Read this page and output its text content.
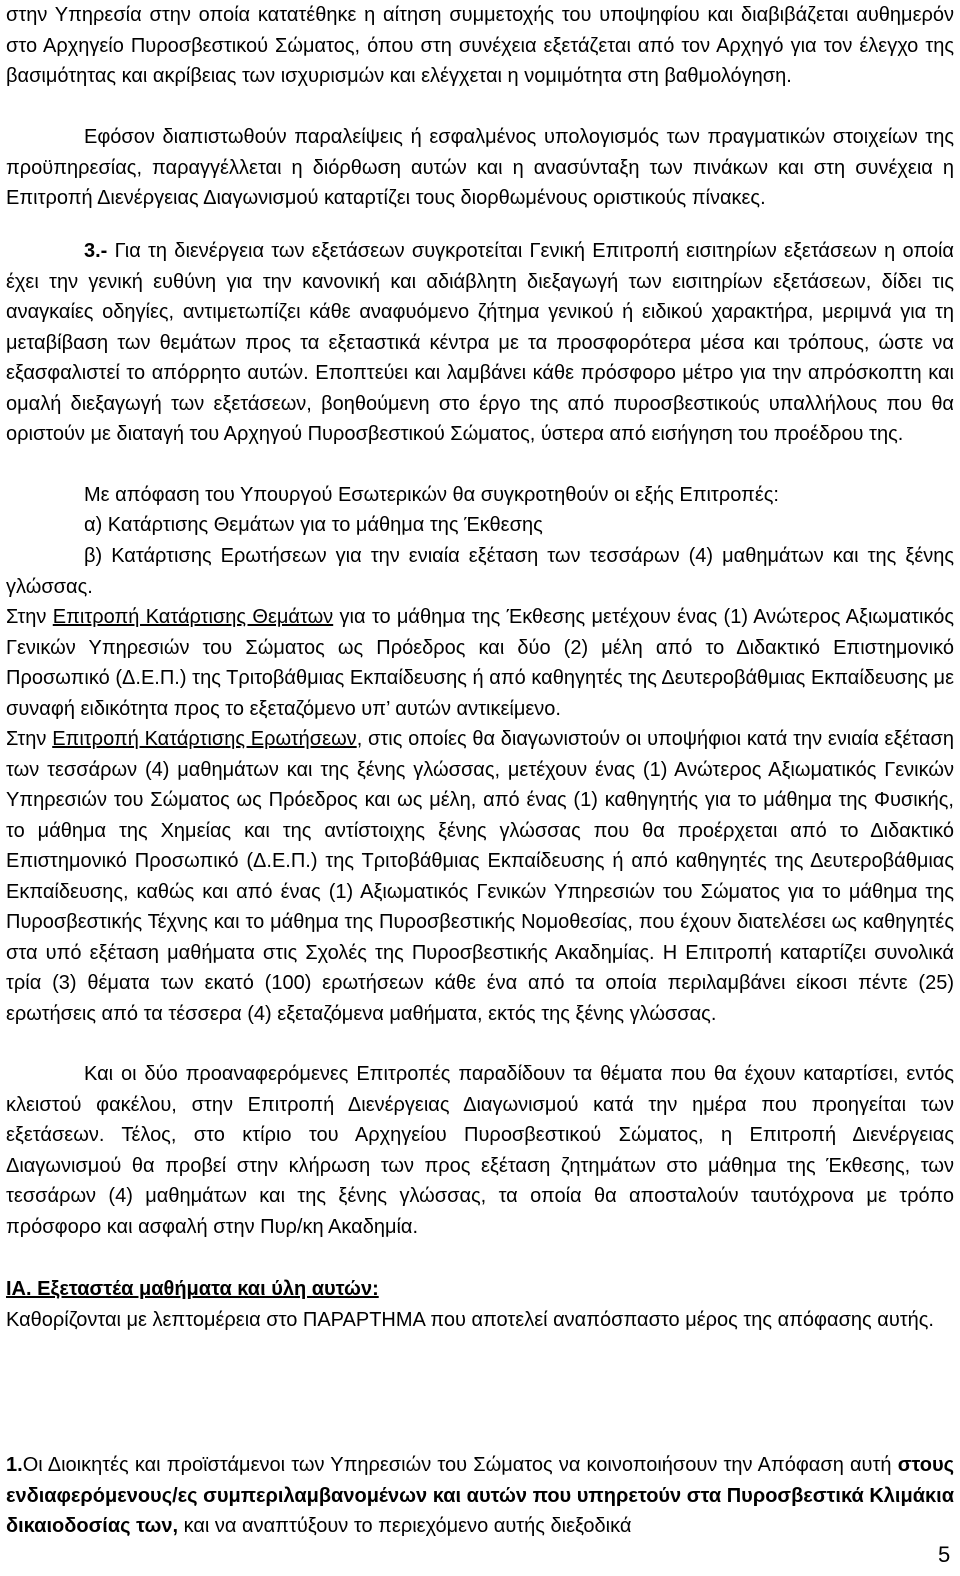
στην Υπηρεσία στην οποία κατατέθηκε η αίτηση συμμετοχής του υποψηφίου και διαβιβάζεται αυθημερόν στο Αρχηγείο Πυροσβεστικού Σώματος, όπου στη συνέχεια εξετάζεται από τον Αρχηγό για τον έλεγχο της βασιμότητας και ακρίβειας των ισχυρισμών και ελέγχεται η νομιμότητα στη βαθμολόγηση.

Εφόσον διαπιστωθούν παραλείψεις ή εσφαλμένος υπολογισμός των πραγματικών στοιχείων της προϋπηρεσίας, παραγγέλλεται η διόρθωση αυτών και η ανασύνταξη των πινάκων και στη συνέχεια η Επιτροπή Διενέργειας Διαγωνισμού καταρτίζει τους διορθωμένους οριστικούς πίνακες.

3.- Για τη διενέργεια των εξετάσεων συγκροτείται Γενική Επιτροπή εισιτηρίων εξετάσεων η οποία έχει την γενική ευθύνη για την κανονική και αδιάβλητη διεξαγωγή των εισιτηρίων εξετάσεων, δίδει τις αναγκαίες οδηγίες, αντιμετωπίζει κάθε αναφυόμενο ζήτημα γενικού ή ειδικού χαρακτήρα, μεριμνά για τη μεταβίβαση των θεμάτων προς τα εξεταστικά κέντρα με τα προσφορότερα μέσα και τρόπους, ώστε να εξασφαλιστεί το απόρρητο αυτών. Εποπτεύει και λαμβάνει κάθε πρόσφορο μέτρο για την απρόσκοπτη και ομαλή διεξαγωγή των εξετάσεων, βοηθούμενη στο έργο της από πυροσβεστικούς υπαλλήλους που θα οριστούν με διαταγή του Αρχηγού Πυροσβεστικού Σώματος, ύστερα από εισήγηση του προέδρου της.

Με απόφαση του Υπουργού Εσωτερικών θα συγκροτηθούν οι εξής Επιτροπές:

α) Κατάρτισης Θεμάτων για το μάθημα της Έκθεσης

β) Κατάρτισης Ερωτήσεων για την ενιαία εξέταση των τεσσάρων (4) μαθημάτων και της ξένης γλώσσας.

Στην Επιτροπή Κατάρτισης Θεμάτων για το μάθημα της Έκθεσης μετέχουν ένας (1) Ανώτερος Αξιωματικός Γενικών Υπηρεσιών του Σώματος ως Πρόεδρος και δύο (2) μέλη από το Διδακτικό Επιστημονικό Προσωπικό (Δ.Ε.Π.) της Τριτοβάθμιας Εκπαίδευσης ή από καθηγητές της Δευτεροβάθμιας Εκπαίδευσης με συναφή ειδικότητα προς το εξεταζόμενο υπ’ αυτών αντικείμενο.

Στην Επιτροπή Κατάρτισης Ερωτήσεων, στις οποίες θα διαγωνιστούν οι υποψήφιοι κατά την ενιαία εξέταση των τεσσάρων (4) μαθημάτων και της ξένης γλώσσας, μετέχουν ένας (1) Ανώτερος Αξιωματικός Γενικών Υπηρεσιών του Σώματος ως Πρόεδρος και ως μέλη, από ένας (1) καθηγητής για το μάθημα της Φυσικής, το μάθημα της Χημείας και της αντίστοιχης ξένης γλώσσας που θα προέρχεται από το Διδακτικό Επιστημονικό Προσωπικό (Δ.Ε.Π.) της Τριτοβάθμιας Εκπαίδευσης ή από καθηγητές της Δευτεροβάθμιας Εκπαίδευσης, καθώς και από ένας (1) Αξιωματικός Γενικών Υπηρεσιών του Σώματος για το μάθημα της Πυροσβεστικής Τέχνης και το μάθημα της Πυροσβεστικής Νομοθεσίας, που έχουν διατελέσει ως καθηγητές στα υπό εξέταση μαθήματα στις Σχολές της Πυροσβεστικής Ακαδημίας. Η Επιτροπή καταρτίζει συνολικά τρία (3) θέματα των εκατό (100) ερωτήσεων κάθε ένα από τα οποία περιλαμβάνει είκοσι πέντε (25) ερωτήσεις από τα τέσσερα (4) εξεταζόμενα μαθήματα, εκτός της ξένης γλώσσας.

Και οι δύο προαναφερόμενες Επιτροπές παραδίδουν τα θέματα που θα έχουν καταρτίσει, εντός κλειστού φακέλου, στην Επιτροπή Διενέργειας Διαγωνισμού κατά την ημέρα που προηγείται των εξετάσεων. Τέλος, στο κτίριο του Αρχηγείου Πυροσβεστικού Σώματος, η Επιτροπή Διενέργειας Διαγωνισμού θα προβεί στην κλήρωση των προς εξέταση ζητημάτων στο μάθημα της Έκθεσης, των τεσσάρων (4) μαθημάτων και της ξένης γλώσσας, τα οποία θα αποσταλούν ταυτόχρονα με τρόπο πρόσφορο και ασφαλή στην Πυρ/κη Ακαδημία.

ΙΑ. Εξεταστέα μαθήματα και ύλη αυτών:

Καθορίζονται με λεπτομέρεια στο ΠΑΡΑΡΤΗΜΑ που αποτελεί αναπόσπαστο μέρος της απόφασης αυτής.

1.Οι Διοικητές και προϊστάμενοι των Υπηρεσιών του Σώματος να κοινοποιήσουν την Απόφαση αυτή στους ενδιαφερόμενους/ες συμπεριλαμβανομένων και αυτών που υπηρετούν στα Πυροσβεστικά Κλιμάκια δικαιοδοσίας των, και να αναπτύξουν το περιεχόμενο αυτής διεξοδικά

5
